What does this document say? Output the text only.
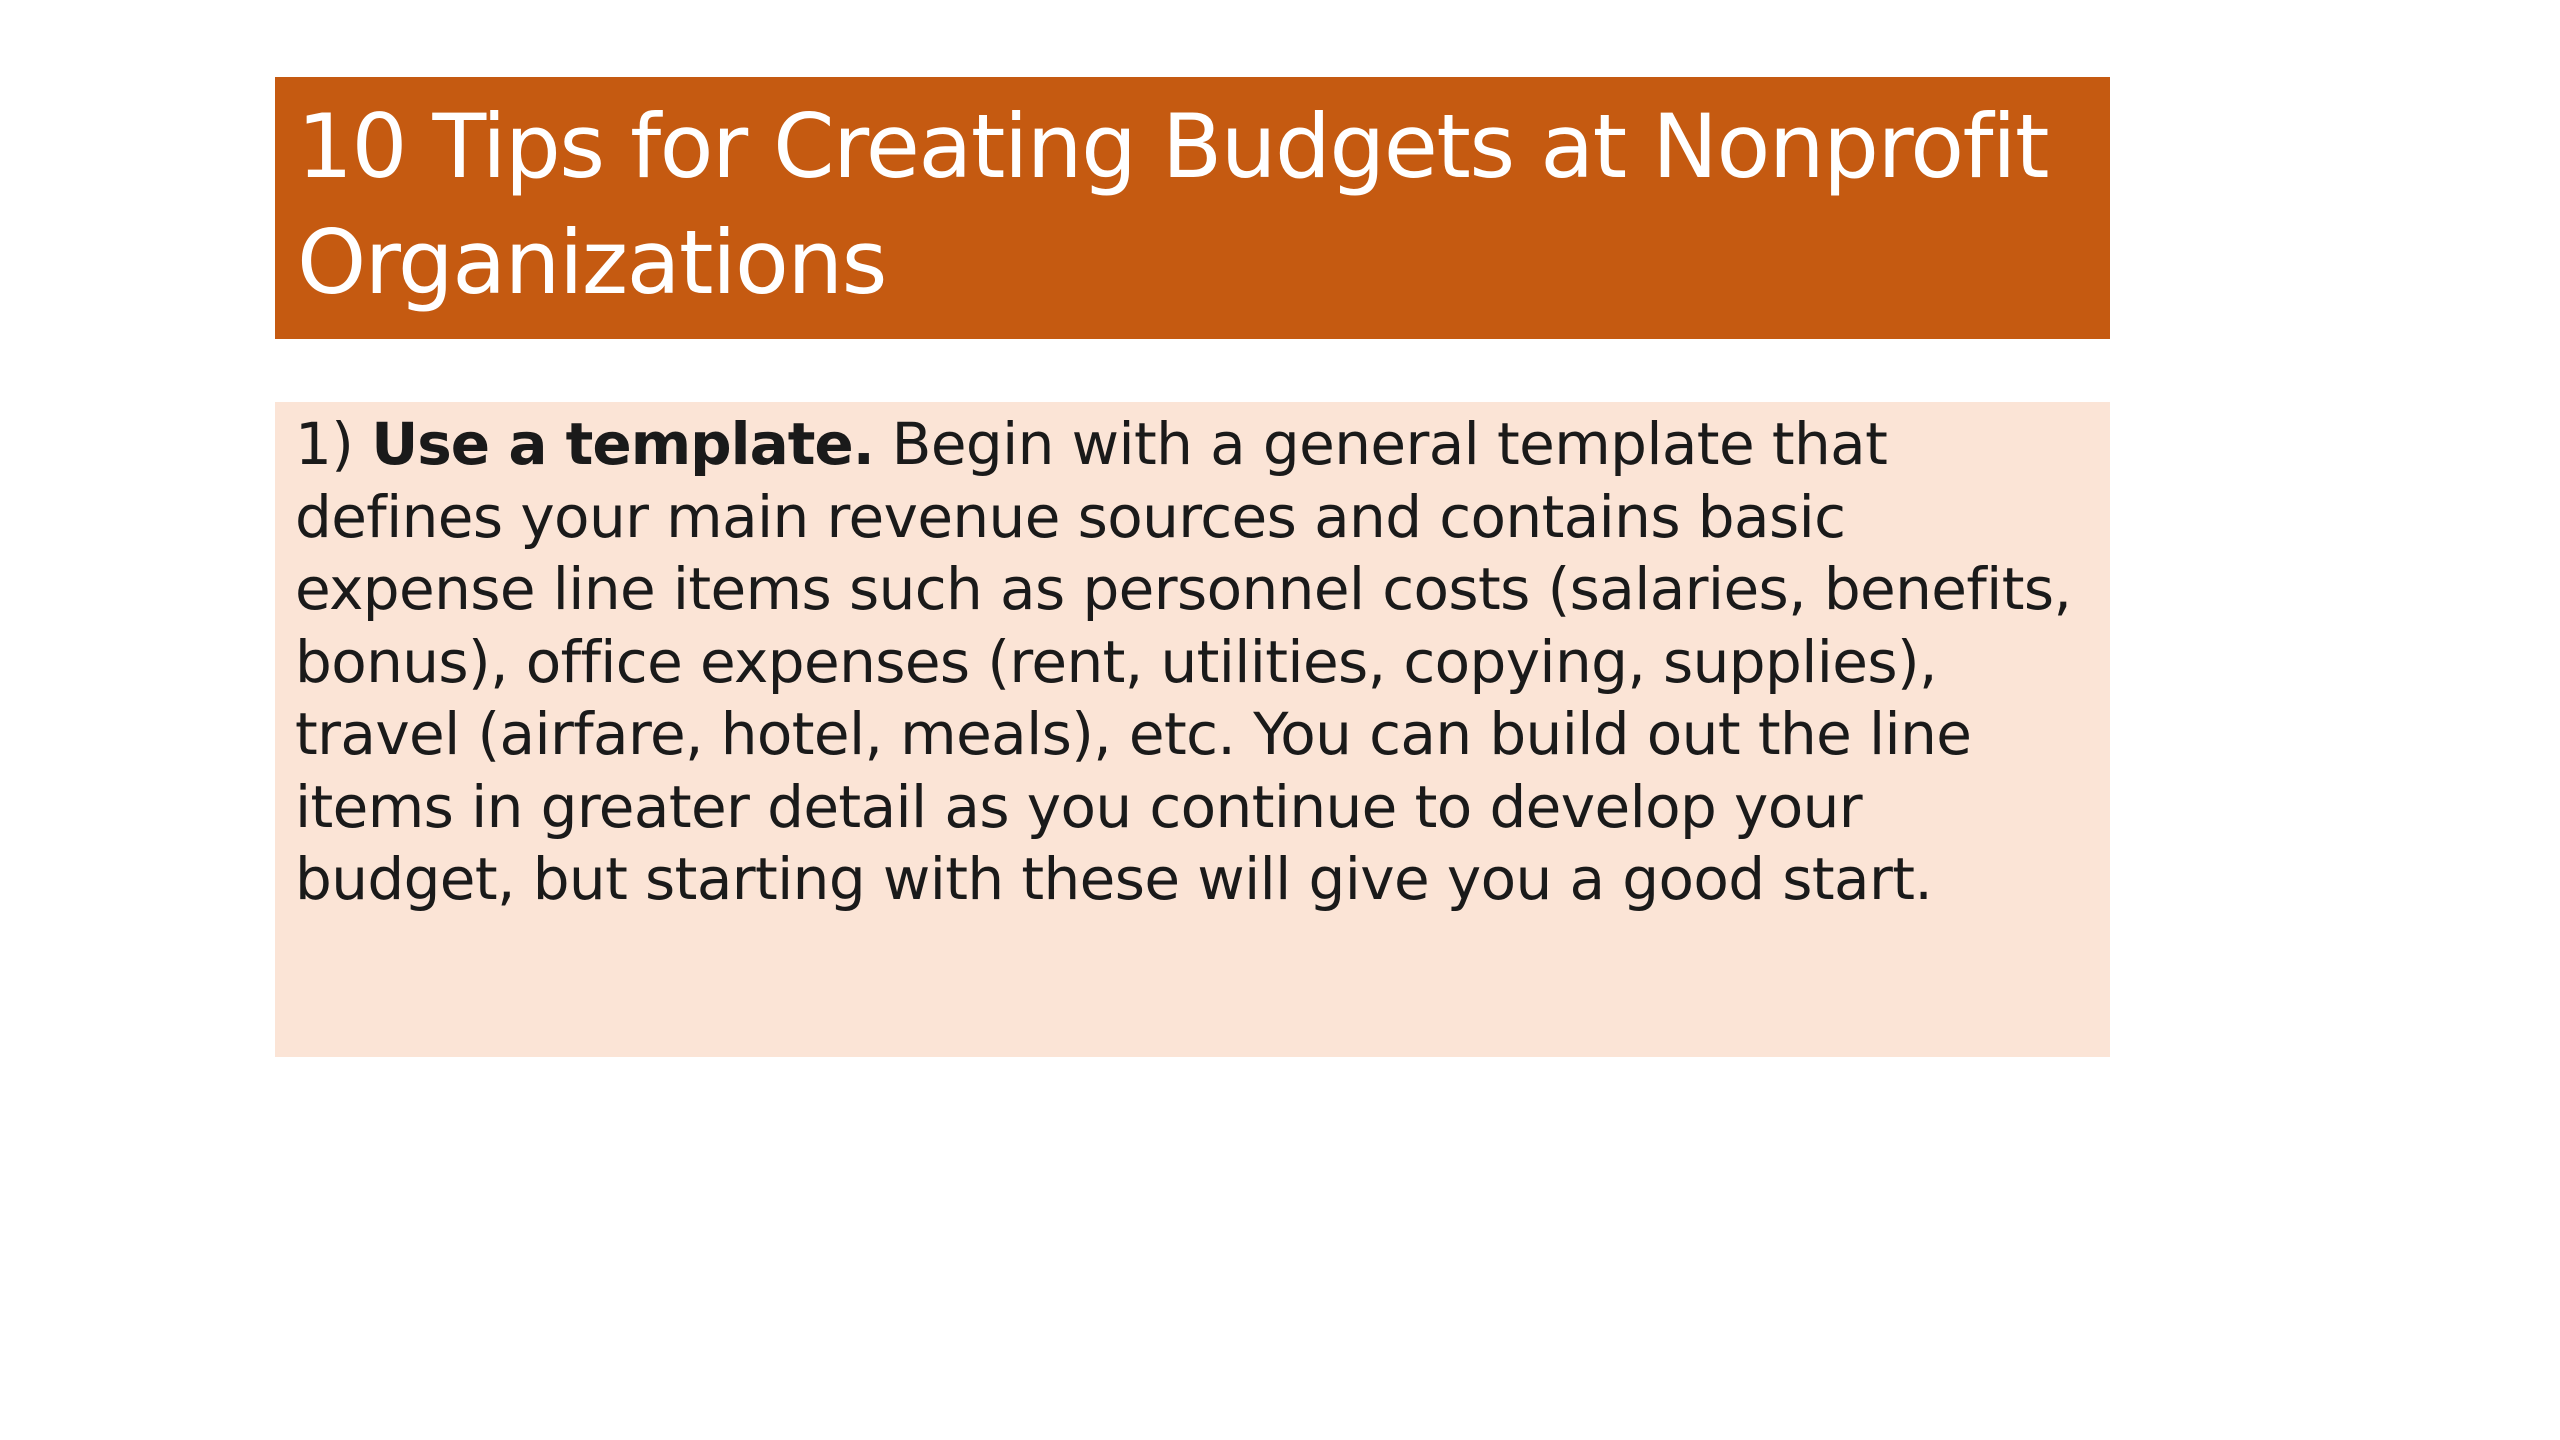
10 Tips for Creating Budgets at Nonprofit Organizations

1) Use a template. Begin with a general template that defines your main revenue sources and contains basic expense line items such as personnel costs (salaries, benefits, bonus), office expenses (rent, utilities, copying, supplies), travel (airfare, hotel, meals), etc. You can build out the line items in greater detail as you continue to develop your budget, but starting with these will give you a good start.
